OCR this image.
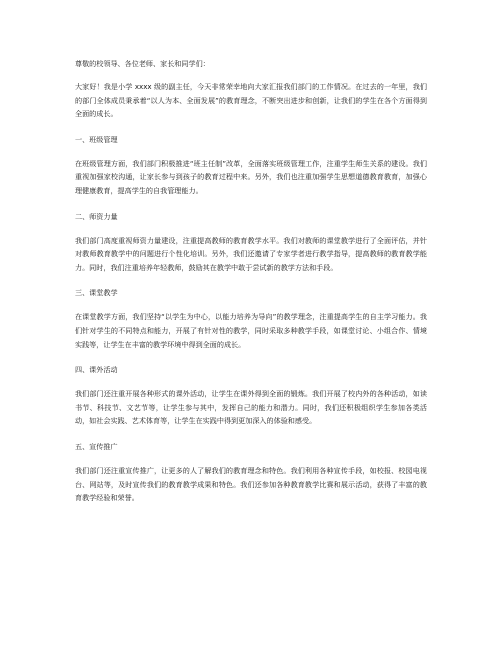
尊敬的校领导、各位老师、家长和同学们：

大家好！我是小学 xxxx 级的副主任，今天非常荣幸地向大家汇报我们部门的工作情况。在过去的一年里，我们的部门全体成员秉承着“以人为本、全面发展”的教育理念，不断突出进步和创新，让我们的学生在各个方面得到全面的成长。

一、班级管理

在班级管理方面，我们部门积极推进“班主任制”改革，全面落实班级管理工作，注重学生师生关系的建设。我们重视加强家校沟通，让家长参与到孩子的教育过程中来。另外，我们也注重加强学生思想道德教育教育，加强心理健康教育，提高学生的自我管理能力。

二、师资力量

我们部门高度重视师资力量建设，注重提高教师的教育教学水平。我们对教师的课堂教学进行了全面评估，并针对教师教育教学中的问题进行个性化培训。另外，我们还邀请了专家学者进行教学指导，提高教师的教育教学能力。同时，我们注重培养年轻教师，鼓励其在教学中敢于尝试新的教学方法和手段。

三、课堂教学

在课堂教学方面，我们坚持“以学生为中心，以能力培养为导向”的教学理念，注重提高学生的自主学习能力。我们针对学生的不同特点和能力，开展了有针对性的教学，同时采取多种教学手段，如课堂讨论、小组合作、情境实践等，让学生在丰富的教学环境中得到全面的成长。

四、课外活动

我们部门还注重开展各种形式的课外活动，让学生在课外得到全面的锻炼。我们开展了校内外的各种活动，如读书节、科技节、文艺节等，让学生参与其中，发挥自己的能力和潜力。同时，我们还积极组织学生参加各类活动，如社会实践、艺术体育等，让学生在实践中得到更加深入的体验和感受。

五、宣传推广

我们部门还注重宣传推广，让更多的人了解我们的教育理念和特色。我们利用各种宣传手段，如校报、校园电视台、网站等，及时宣传我们的教育教学成果和特色。我们还参加各种教育教学比赛和展示活动，获得了丰富的教育教学经验和荣誉。
